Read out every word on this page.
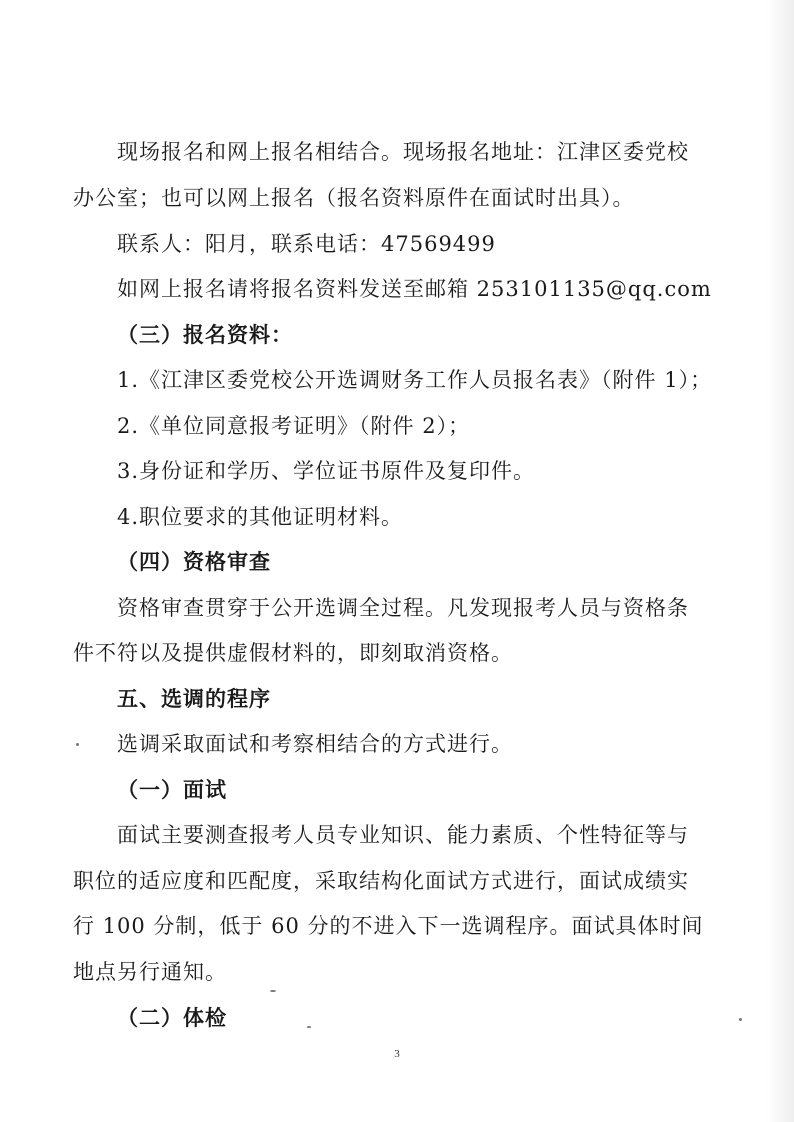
现场报名和网上报名相结合。现场报名地址：江津区委党校
办公室；也可以网上报名（报名资料原件在面试时出具）。
联系人：阳月，联系电话：47569499
如网上报名请将报名资料发送至邮箱 253101135@qq.com
（三）报名资料：
1.《江津区委党校公开选调财务工作人员报名表》（附件 1）；
2.《单位同意报考证明》（附件 2）；
3.身份证和学历、学位证书原件及复印件。
4.职位要求的其他证明材料。
（四）资格审查
资格审查贯穿于公开选调全过程。凡发现报考人员与资格条
件不符以及提供虚假材料的，即刻取消资格。
五、选调的程序
选调采取面试和考察相结合的方式进行。
（一）面试
面试主要测查报考人员专业知识、能力素质、个性特征等与
职位的适应度和匹配度，采取结构化面试方式进行，面试成绩实
行 100 分制，低于 60 分的不进入下一选调程序。面试具体时间
地点另行通知。
（二）体检
3
